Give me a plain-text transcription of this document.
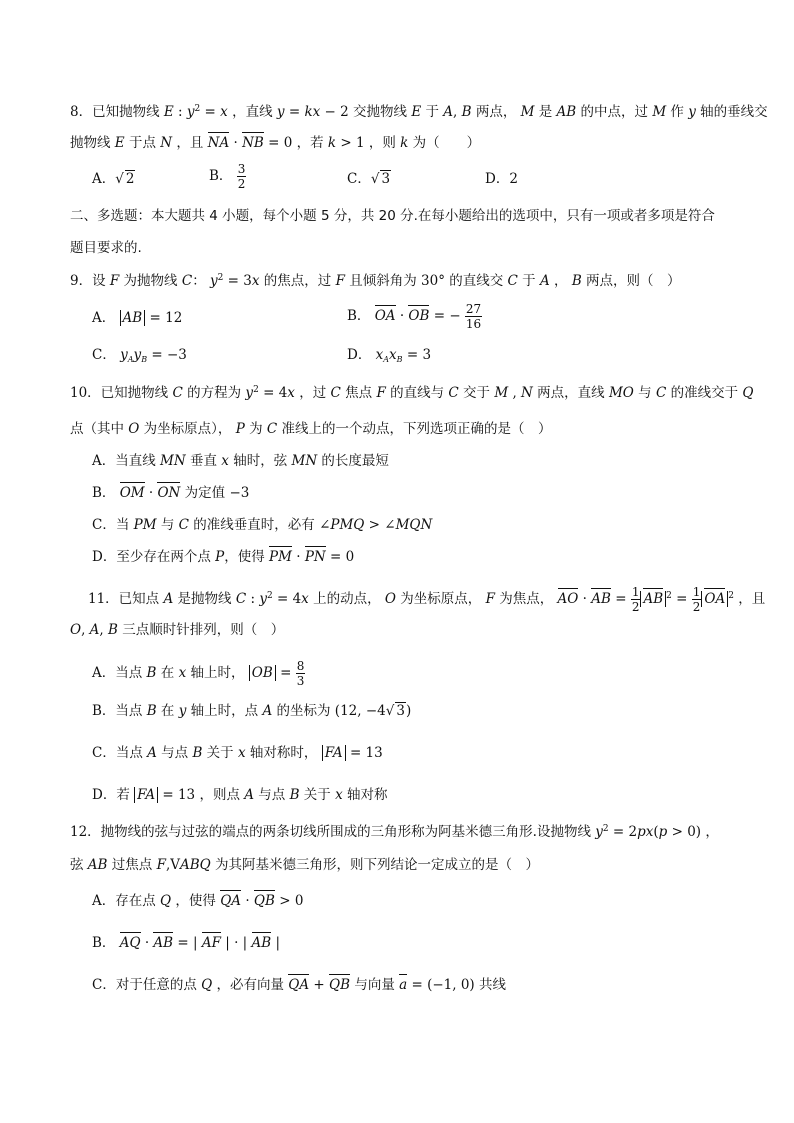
8．已知抛物线 E : $y^2 = x$ ，直线 y = kx − 2 交抛物线 E 于 A, B 两点， M 是 AB 的中点，过 M 作 y 轴的垂线交
抛物线 E 于点 N ，且 NA · NB = 0 ，若 k > 1 ，则 k 为（　　）
A．√ 2	B． $\frac{3}{2}$	C．√ 3	D．2
二、多选题：本大题共 4 小题，每个小题 5 分，共 20 分.在每小题给出的选项中，只有一项或者多项是符合
题目要求的.
9．设 F 为抛物线 C： $y^2 = 3x$ 的焦点，过 F 且倾斜角为 30° 的直线交 C 于 A ， B 两点，则（　）
A． AB = 12	B． OA · OB = − $\frac{27}{16}$
C． $y_Ay_B = -3$	D． $x_Ax_B = 3$
10．已知抛物线 C 的方程为 $y^2 = 4x$ ，过 C 焦点 F 的直线与 C 交于 M , N 两点，直线 MO 与 C 的准线交于 Q
点（其中 O 为坐标原点）， P 为 C 准线上的一个动点，下列选项正确的是（　）
A．当直线 MN 垂直 x 轴时，弦 MN 的长度最短
B． OM · ON 为定值 −3
C．当 PM 与 C 的准线垂直时，必有 ∠PMQ > ∠MQN
D．至少存在两个点 P，使得 PM · PN = 0
11．已知点 A 是抛物线 C : $y^2 = 4x$ 上的动点， O 为坐标原点， F 为焦点， AO · AB = $\frac{1}{2}$ AB $^2 = \frac{1}{2}$ OA $^2$ ，且
O, A, B 三点顺时针排列，则（　）
A．当点 B 在 x 轴上时， OB = $\frac{8}{3}$
B．当点 B 在 y 轴上时，点 A 的坐标为 (12, −4√ 3)
C．当点 A 与点 B 关于 x 轴对称时， FA = 13
D．若 FA = 13 ，则点 A 与点 B 关于 x 轴对称
12．抛物线的弦与过弦的端点的两条切线所围成的三角形称为阿基米德三角形.设抛物线 $y^2 = 2px(p > 0)$ ，
弦 AB 过焦点 F,VABQ 为其阿基米德三角形，则下列结论一定成立的是（　）
A．存在点 Q ，使得 QA · QB > 0
B． AQ · AB = | AF | · | AB |
C．对于任意的点 Q ，必有向量 QA + QB 与向量 a = (−1, 0) 共线
